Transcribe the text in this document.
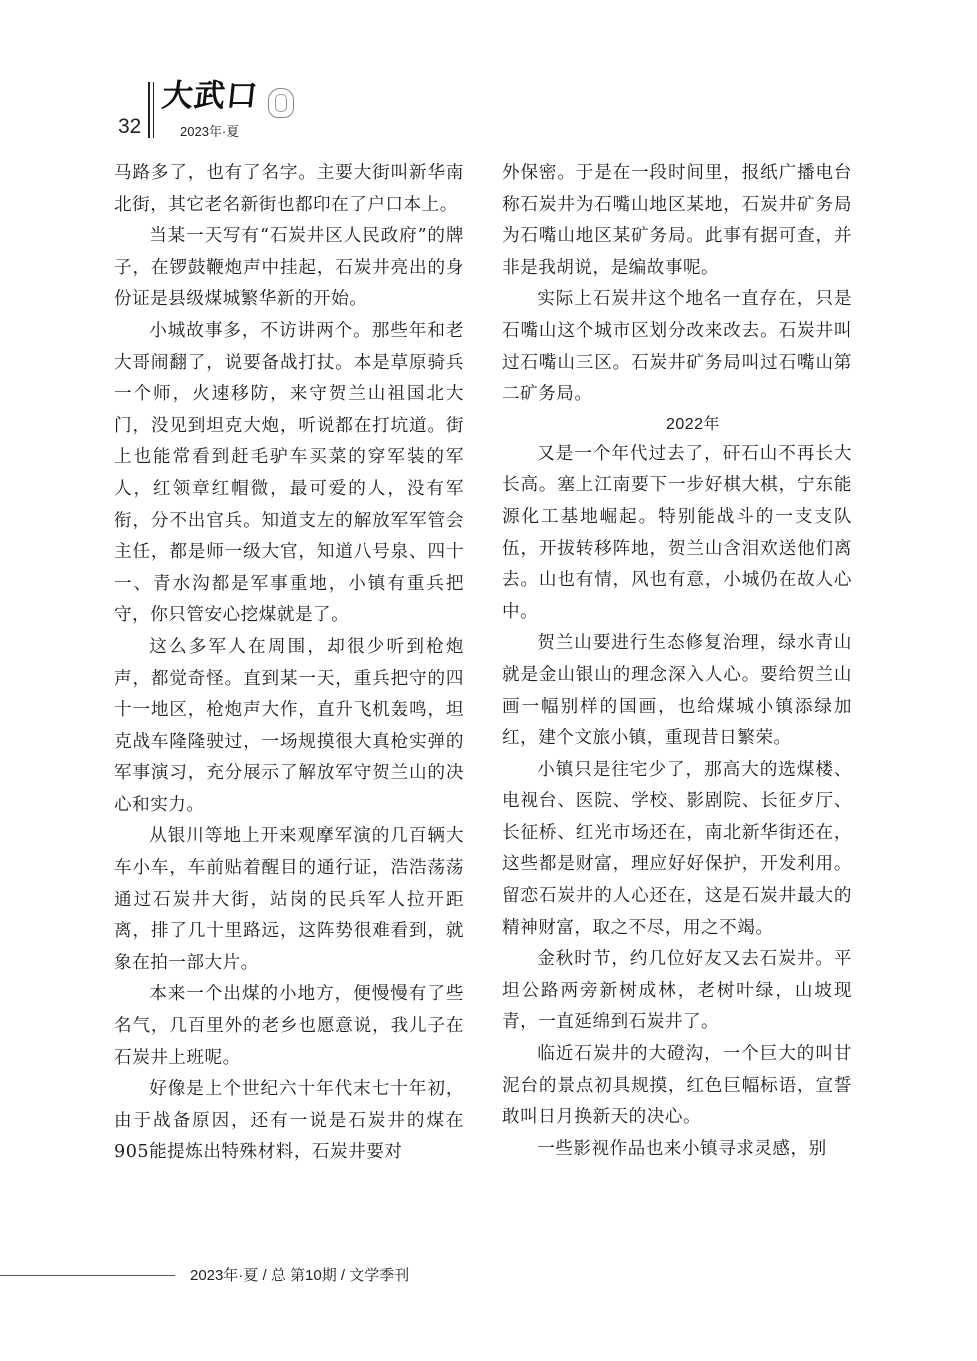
32
大武口
2023年·夏

马路多了，也有了名字。主要大街叫新华南北街，其它老名新街也都印在了户口本上。

当某一天写有“石炭井区人民政府”的牌子，在锣鼓鞭炮声中挂起，石炭井亮出的身份证是县级煤城繁华新的开始。

小城故事多，不访讲两个。那些年和老大哥闹翻了，说要备战打扙。本是草原骑兵一个师，火速移防，来守贺兰山祖国北大门，没见到坦克大炮，听说都在打坑道。街上也能常看到赶毛驴车买菜的穿军装的军人，红领章红帽微，最可爱的人，没有军衔，分不出官兵。知道支左的解放军军管会主任，都是师一级大官，知道八号泉、四十一、青水沟都是军事重地，小镇有重兵把守，你只管安心挖煤就是了。

这么多军人在周围，却很少听到枪炮声，都觉奇怪。直到某一天，重兵把守的四十一地区，枪炮声大作，直升飞机轰鸣，坦克战车隆隆驶过，一场规摸很大真枪实弹的军事演习，充分展示了解放军守贺兰山的决心和实力。

从银川等地上开来观摩军演的几百辆大车小车，车前贴着醒目的通行证，浩浩荡荡通过石炭井大街，站岗的民兵军人拉开距离，排了几十里路远，这阵势很难看到，就象在拍一部大片。

本来一个出煤的小地方，便慢慢有了些名气，几百里外的老乡也愿意说，我儿子在石炭井上班呢。

好像是上个世纪六十年代末七十年初，由于战备原因，还有一说是石炭井的煤在905能提炼出特殊材料，石炭井要对

外保密。于是在一段时间里，报纸广播电台称石炭井为石嘴山地区某地，石炭井矿务局为石嘴山地区某矿务局。此事有据可查，并非是我胡说，是编故事呢。

实际上石炭井这个地名一直存在，只是石嘴山这个城市区划分改来改去。石炭井叫过石嘴山三区。石炭井矿务局叫过石嘴山第二矿务局。

2022年

又是一个年代过去了，矸石山不再长大长高。塞上江南要下一步好棋大棋，宁东能源化工基地崛起。特别能战斗的一支支队伍，开拔转移阵地，贺兰山含泪欢送他们离去。山也有情，风也有意，小城仍在故人心中。

贺兰山要进行生态修复治理，绿水青山就是金山银山的理念深入人心。要给贺兰山画一幅别样的国画，也给煤城小镇添绿加红，建个文旅小镇，重现昔日繁荣。

小镇只是往宅少了，那高大的选煤楼、电视台、医院、学校、影剧院、长征歺厅、长征桥、红光市场还在，南北新华街还在，这些都是财富，理应好好保护，开发利用。留恋石炭井的人心还在，这是石炭井最大的精神财富，取之不尽，用之不竭。

金秋时节，约几位好友又去石炭井。平坦公路两旁新树成林，老树叶绿，山坡现青，一直延绵到石炭井了。

临近石炭井的大磴沟，一个巨大的叫甘泥台的景点初具规摸，红色巨幅标语，宣誓敢叫日月换新天的决心。

一些影视作品也来小镇寻求灵感，别

2023年·夏 / 总 第10期 / 文学季刊
